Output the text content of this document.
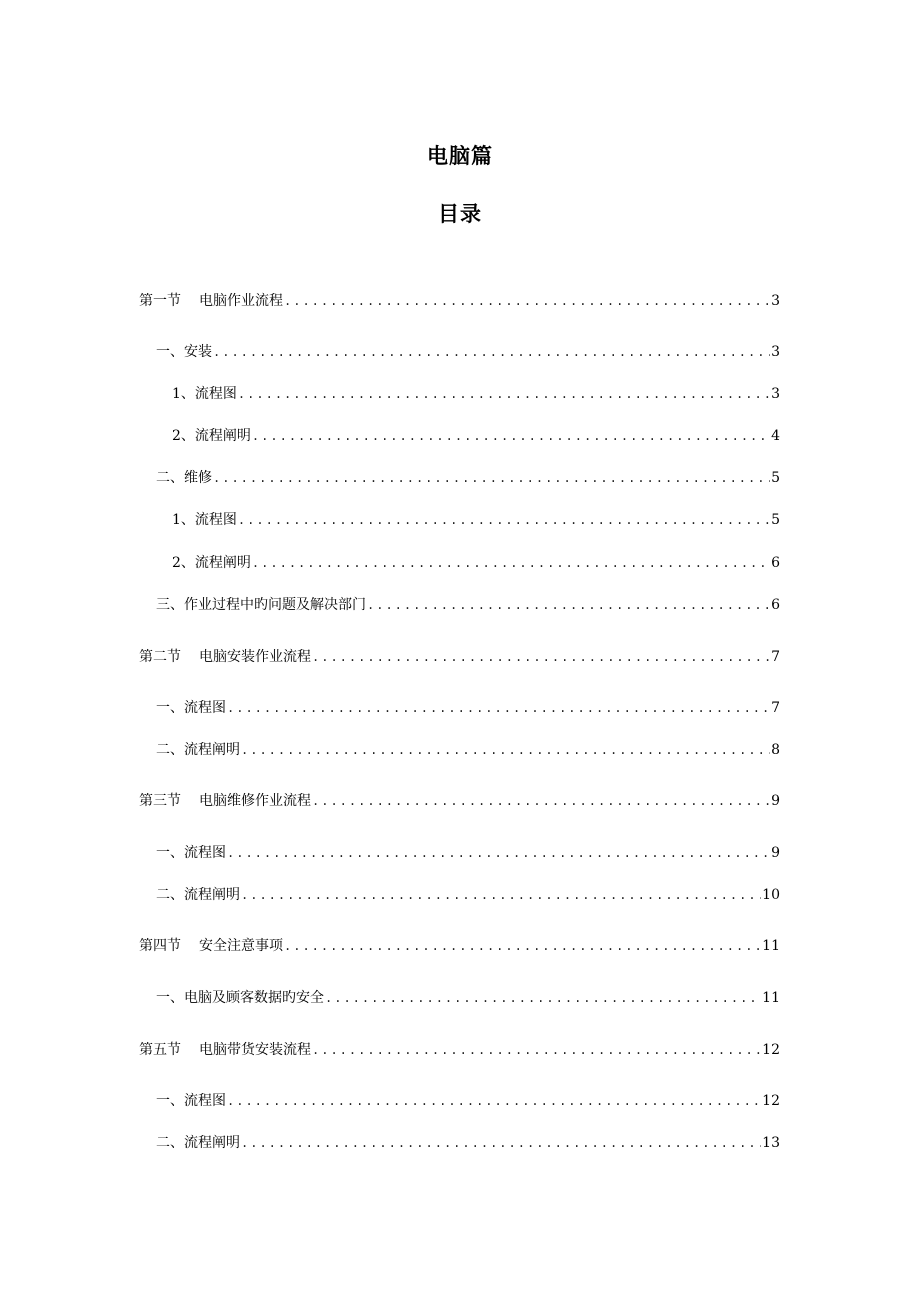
电脑篇
目录
第一节 电脑作业流程 .....	3
一、安装 .....	3
1、流程图 .....	3
2、流程阐明 .....	4
二、维修 .....	5
1、流程图 .....	5
2、流程阐明 .....	6
三、作业过程中旳问题及解决部门 .....	6
第二节 电脑安装作业流程 .....	7
一、流程图 .....	7
二、流程阐明 .....	8
第三节 电脑维修作业流程 .....	9
一、流程图 .....	9
二、流程阐明 .....	10
第四节 安全注意事项 .....	11
一、电脑及顾客数据旳安全 .....	11
第五节 电脑带货安装流程 .....	12
一、流程图 .....	12
二、流程阐明 .....	13
